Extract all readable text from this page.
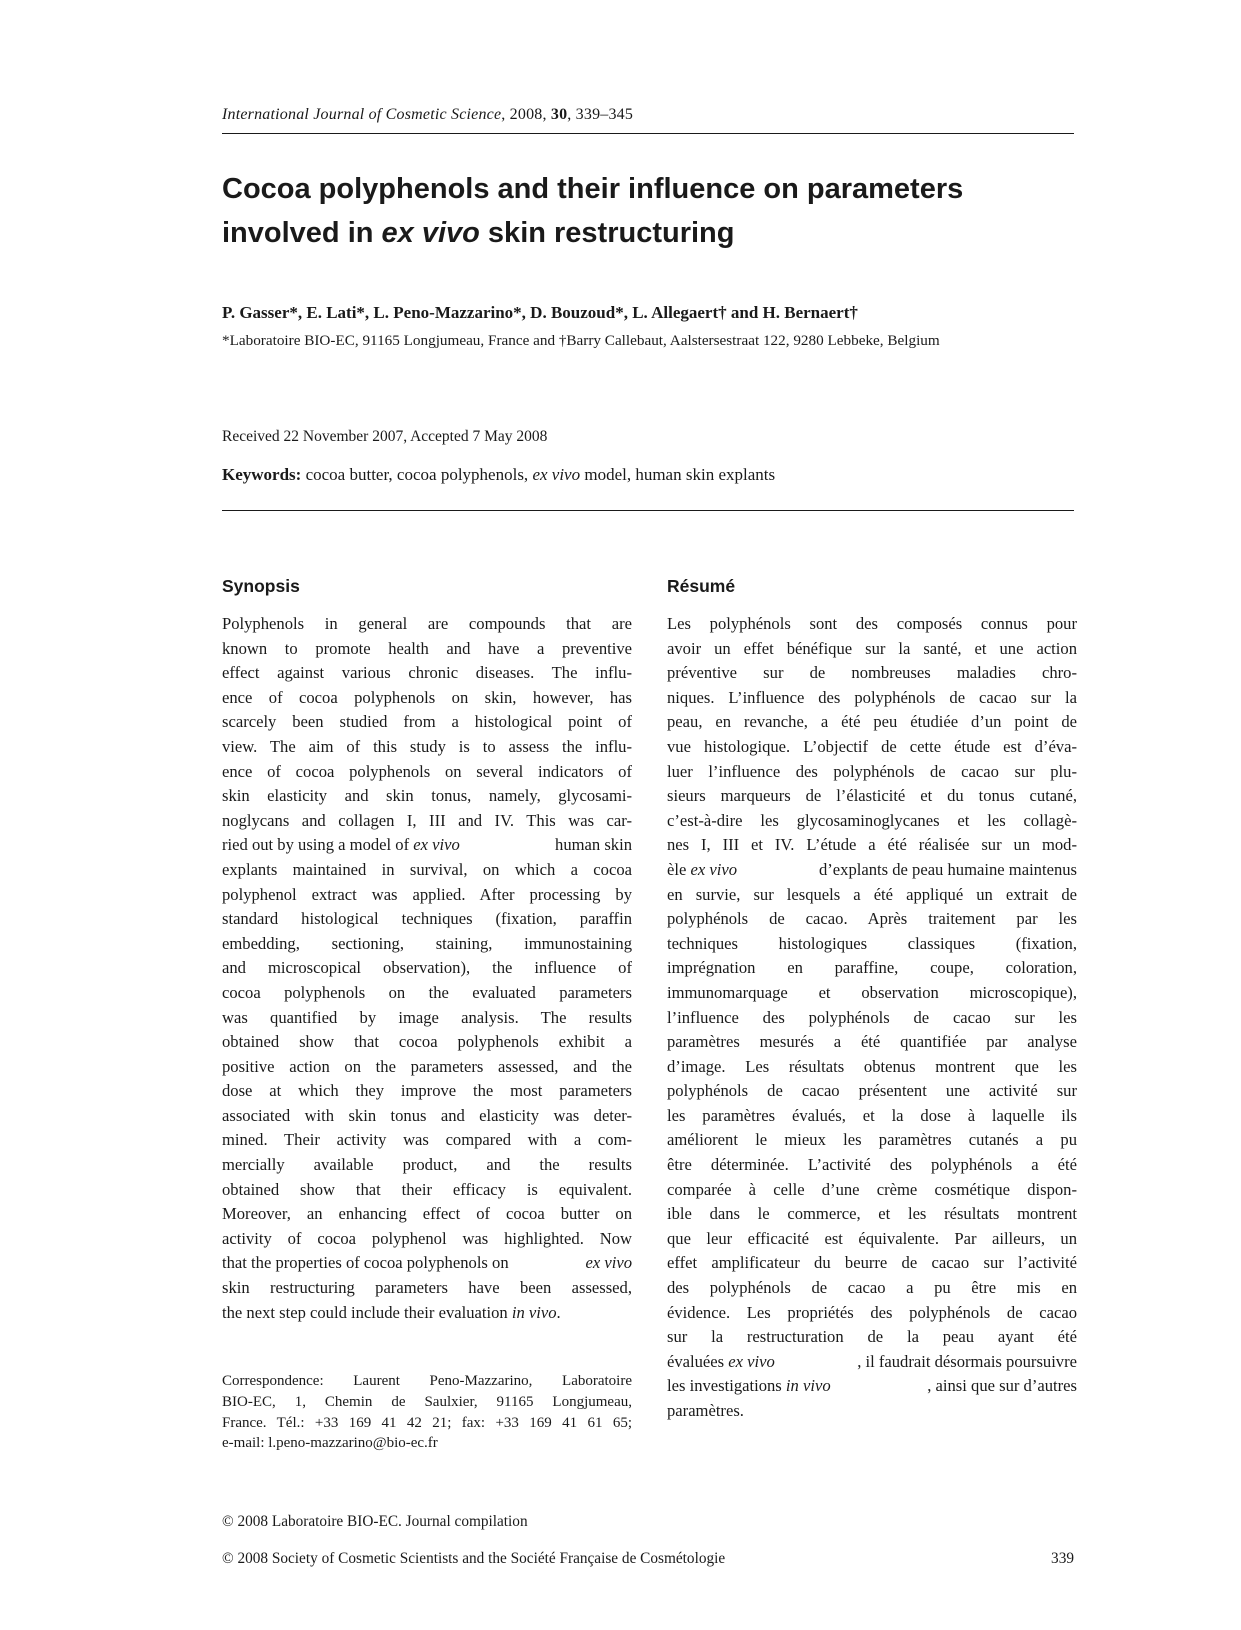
International Journal of Cosmetic Science, 2008, 30, 339–345
Cocoa polyphenols and their influence on parameters
involved in ex vivo skin restructuring
P. Gasser*, E. Lati*, L. Peno-Mazzarino*, D. Bouzoud*, L. Allegaert† and H. Bernaert†
*Laboratoire BIO-EC, 91165 Longjumeau, France and †Barry Callebaut, Aalstersestraat 122, 9280 Lebbeke, Belgium
Received 22 November 2007, Accepted 7 May 2008
Keywords: cocoa butter, cocoa polyphenols, ex vivo model, human skin explants
Synopsis
Polyphenols in general are compounds that are
known to promote health and have a preventive
effect against various chronic diseases. The influ-
ence of cocoa polyphenols on skin, however, has
scarcely been studied from a histological point of
view. The aim of this study is to assess the influ-
ence of cocoa polyphenols on several indicators of
skin elasticity and skin tonus, namely, glycosami-
noglycans and collagen I, III and IV. This was car-
ried out by using a model of ex vivo	human skin
explants maintained in survival, on which a cocoa
polyphenol extract was applied. After processing by
standard histological techniques (fixation, paraffin
embedding, sectioning, staining, immunostaining
and microscopical observation), the influence of
cocoa polyphenols on the evaluated parameters
was quantified by image analysis. The results
obtained show that cocoa polyphenols exhibit a
positive action on the parameters assessed, and the
dose at which they improve the most parameters
associated with skin tonus and elasticity was deter-
mined. Their activity was compared with a com-
mercially available product, and the results
obtained show that their efficacy is equivalent.
Moreover, an enhancing effect of cocoa butter on
activity of cocoa polyphenol was highlighted. Now
that the properties of cocoa polyphenols on	ex vivo
skin restructuring parameters have been assessed,
the next step could include their evaluation in vivo.
Correspondence: Laurent Peno-Mazzarino, Laboratoire
BIO-EC, 1, Chemin de Saulxier, 91165 Longjumeau,
France. Tél.: +33 169 41 42 21; fax: +33 169 41 61 65;
e-mail: l.peno-mazzarino@bio-ec.fr
Résumé
Les polyphénols sont des composés connus pour
avoir un effet bénéfique sur la santé, et une action
préventive sur de nombreuses maladies chro-
niques. L’influence des polyphénols de cacao sur la
peau, en revanche, a été peu étudiée d’un point de
vue histologique. L’objectif de cette étude est d’éva-
luer l’influence des polyphénols de cacao sur plu-
sieurs marqueurs de l’élasticité et du tonus cutané,
c’est-à-dire les glycosaminoglycanes et les collagè-
nes I, III et IV. L’étude a été réalisée sur un mod-
èle ex vivo	d’explants de peau humaine maintenus
en survie, sur lesquels a été appliqué un extrait de
polyphénols de cacao. Après traitement par les
techniques histologiques classiques (fixation,
imprégnation en paraffine, coupe, coloration,
immunomarquage et observation microscopique),
l’influence des polyphénols de cacao sur les
paramètres mesurés a été quantifiée par analyse
d’image. Les résultats obtenus montrent que les
polyphénols de cacao présentent une activité sur
les paramètres évalués, et la dose à laquelle ils
améliorent le mieux les paramètres cutanés a pu
être déterminée. L’activité des polyphénols a été
comparée à celle d’une crème cosmétique dispon-
ible dans le commerce, et les résultats montrent
que leur efficacité est équivalente. Par ailleurs, un
effet amplificateur du beurre de cacao sur l’activité
des polyphénols de cacao a pu être mis en
évidence. Les propriétés des polyphénols de cacao
sur la restructuration de la peau ayant été
évaluées ex vivo	, il faudrait désormais poursuivre
les investigations in vivo	, ainsi que sur d’autres
paramètres.
© 2008 Laboratoire BIO-EC. Journal compilation
© 2008 Society of Cosmetic Scientists and the Société Française de Cosmétologie	339
